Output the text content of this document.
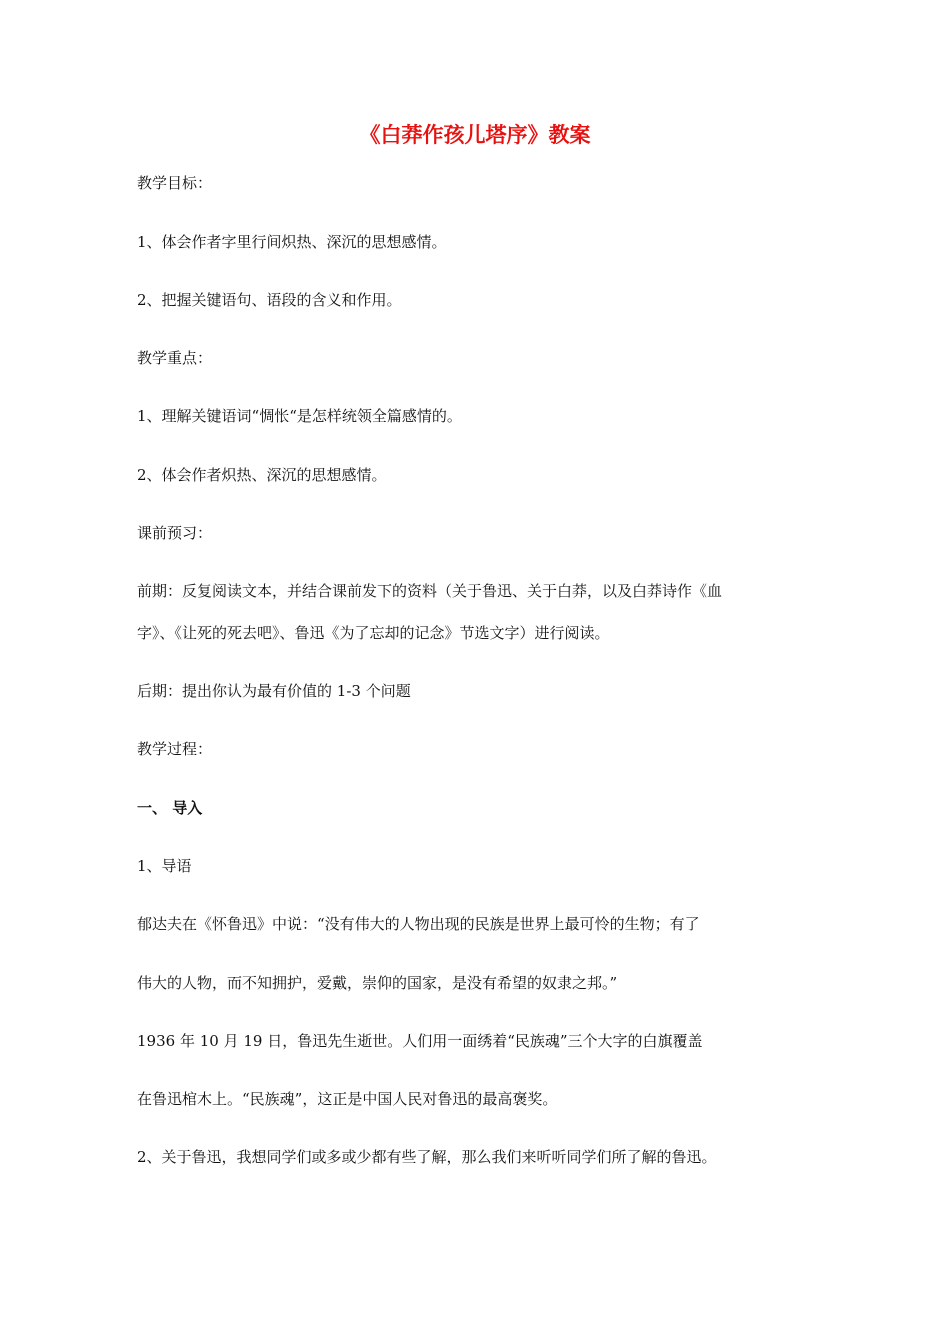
《白莽作孩儿塔序》教案
教学目标：
1、体会作者字里行间炽热、深沉的思想感情。
2、把握关键语句、语段的含义和作用。
教学重点：
1、理解关键语词“惆怅“是怎样统领全篇感情的。
2、体会作者炽热、深沉的思想感情。
课前预习：
前期：反复阅读文本，并结合课前发下的资料（关于鲁迅、关于白莽，以及白莽诗作《血
字》、《让死的死去吧》、鲁迅《为了忘却的记念》节选文字）进行阅读。
后期：提出你认为最有价值的 1-3 个问题
教学过程：
一、 导入
1、导语
郁达夫在《怀鲁迅》中说：“没有伟大的人物出现的民族是世界上最可怜的生物；有了
伟大的人物，而不知拥护，爱戴，崇仰的国家，是没有希望的奴隶之邦。”
1936 年 10 月 19 日，鲁迅先生逝世。人们用一面绣着“民族魂”三个大字的白旗覆盖
在鲁迅棺木上。“民族魂”，这正是中国人民对鲁迅的最高褒奖。
2、关于鲁迅，我想同学们或多或少都有些了解，那么我们来听听同学们所了解的鲁迅。
